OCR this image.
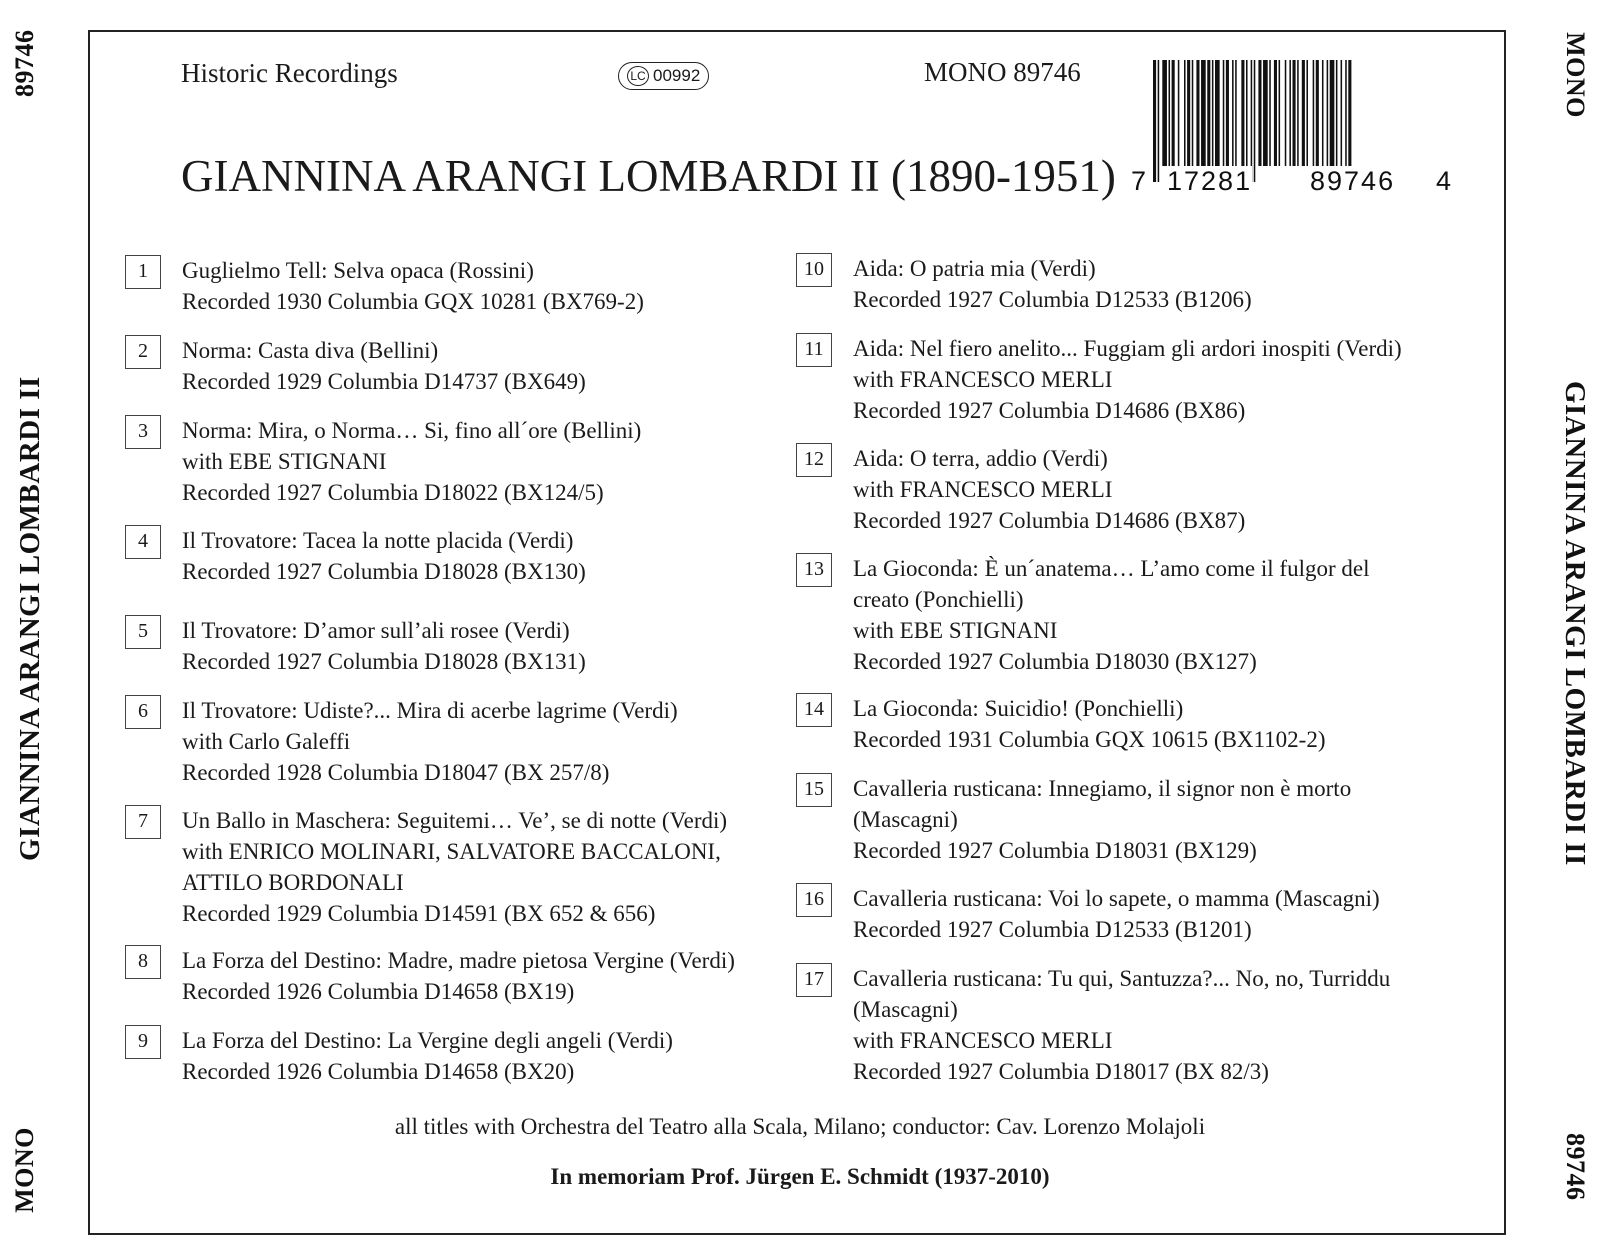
89746
GIANNINA ARANGI LOMBARDI II
MONO
MONO
GIANNINA ARANGI LOMBARDI II
89746
Historic Recordings	LC 00992	MONO 89746
GIANNINA ARANGI LOMBARDI II (1890-1951) 7 17281 89746 4
1	Guglielmo Tell: Selva opaca (Rossini)
Recorded 1930 Columbia GQX 10281 (BX769-2)
2	Norma: Casta diva (Bellini)
Recorded 1929 Columbia D14737 (BX649)
3	Norma: Mira, o Norma… Si, fino all´ore (Bellini)
with EBE STIGNANI
Recorded 1927 Columbia D18022 (BX124/5)
4	Il Trovatore: Tacea la notte placida (Verdi)
Recorded 1927 Columbia D18028 (BX130)
5	Il Trovatore: D’amor sull’ali rosee (Verdi)
Recorded 1927 Columbia D18028 (BX131)
6	Il Trovatore: Udiste?... Mira di acerbe lagrime (Verdi)
with Carlo Galeffi
Recorded 1928 Columbia D18047 (BX 257/8)
7	Un Ballo in Maschera: Seguitemi… Ve’, se di notte (Verdi)
with ENRICO MOLINARI, SALVATORE BACCALONI,
ATTILO BORDONALI
Recorded 1929 Columbia D14591 (BX 652 & 656)
8	La Forza del Destino: Madre, madre pietosa Vergine (Verdi)
Recorded 1926 Columbia D14658 (BX19)
9	La Forza del Destino: La Vergine degli angeli (Verdi)
Recorded 1926 Columbia D14658 (BX20)
10	Aida: O patria mia (Verdi)
Recorded 1927 Columbia D12533 (B1206)
11	Aida: Nel fiero anelito... Fuggiam gli ardori inospiti (Verdi)
with FRANCESCO MERLI
Recorded 1927 Columbia D14686 (BX86)
12	Aida: O terra, addio (Verdi)
with FRANCESCO MERLI
Recorded 1927 Columbia D14686 (BX87)
13	La Gioconda: È un´anatema… L’amo come il fulgor del
creato (Ponchielli)
with EBE STIGNANI
Recorded 1927 Columbia D18030 (BX127)
14	La Gioconda: Suicidio! (Ponchielli)
Recorded 1931 Columbia GQX 10615 (BX1102-2)
15	Cavalleria rusticana: Innegiamo, il signor non è morto
(Mascagni)
Recorded 1927 Columbia D18031 (BX129)
16	Cavalleria rusticana: Voi lo sapete, o mamma (Mascagni)
Recorded 1927 Columbia D12533 (B1201)
17	Cavalleria rusticana: Tu qui, Santuzza?... No, no, Turriddu
(Mascagni)
with FRANCESCO MERLI
Recorded 1927 Columbia D18017 (BX 82/3)
all titles with Orchestra del Teatro alla Scala, Milano; conductor: Cav. Lorenzo Molajoli
In memoriam Prof. Jürgen E. Schmidt (1937-2010)
